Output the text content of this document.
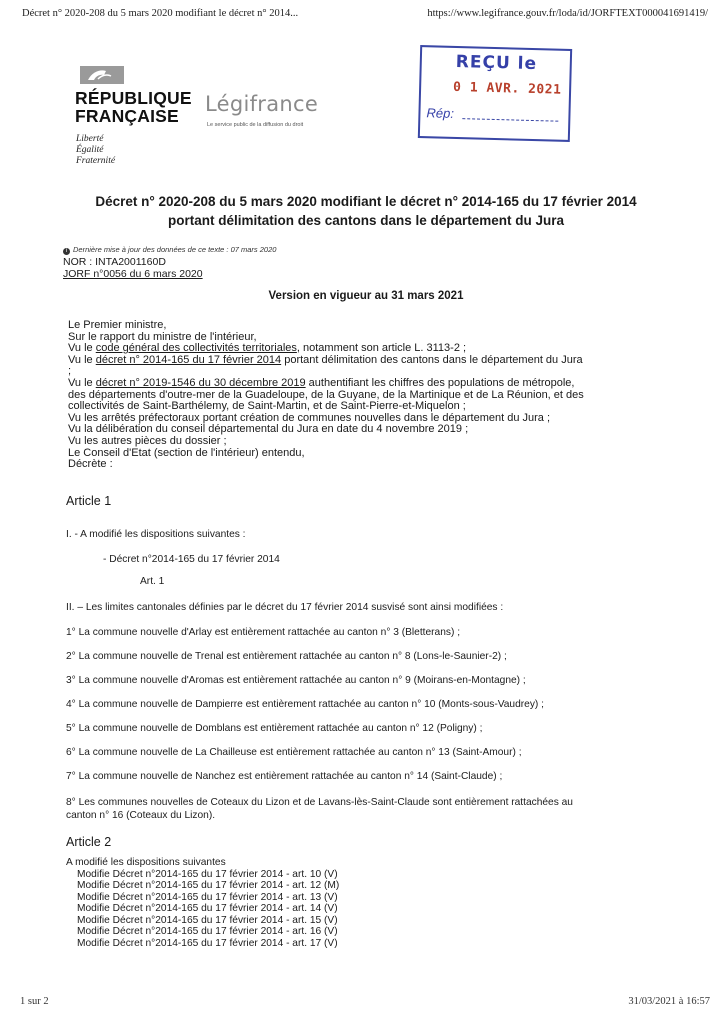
Décret n° 2020-208 du 5 mars 2020 modifiant le décret n° 2014...	https://www.legifrance.gouv.fr/loda/id/JORFTEXT000041691419/
RÉPUBLIQUE
FRANÇAISE
Liberté
Égalité
Fraternité
Légifrance
Le service public de la diffusion du droit
REÇU le
0 1 AVR. 2021
Rép:
Décret n° 2020-208 du 5 mars 2020 modifiant le décret n° 2014-165 du 17 février 2014
portant délimitation des cantons dans le département du Jura
i Dernière mise à jour des données de ce texte : 07 mars 2020
NOR : INTA2001160D
JORF n°0056 du 6 mars 2020
Version en vigueur au 31 mars 2021
Le Premier ministre,
Sur le rapport du ministre de l'intérieur,
Vu le code général des collectivités territoriales, notamment son article L. 3113-2 ;
Vu le décret n° 2014-165 du 17 février 2014 portant délimitation des cantons dans le département du Jura
;
Vu le décret n° 2019-1546 du 30 décembre 2019 authentifiant les chiffres des populations de métropole,
des départements d'outre-mer de la Guadeloupe, de la Guyane, de la Martinique et de La Réunion, et des
collectivités de Saint-Barthélemy, de Saint-Martin, et de Saint-Pierre-et-Miquelon ;
Vu les arrêtés préfectoraux portant création de communes nouvelles dans le département du Jura ;
Vu la délibération du conseil départemental du Jura en date du 4 novembre 2019 ;
Vu les autres pièces du dossier ;
Le Conseil d'Etat (section de l'intérieur) entendu,
Décrète :
Article 1
I. - A modifié les dispositions suivantes :
- Décret n°2014-165 du 17 février 2014
Art. 1
II. – Les limites cantonales définies par le décret du 17 février 2014 susvisé sont ainsi modifiées :
1° La commune nouvelle d'Arlay est entièrement rattachée au canton n° 3 (Bletterans) ;
2° La commune nouvelle de Trenal est entièrement rattachée au canton n° 8 (Lons-le-Saunier-2) ;
3° La commune nouvelle d'Aromas est entièrement rattachée au canton n° 9 (Moirans-en-Montagne) ;
4° La commune nouvelle de Dampierre est entièrement rattachée au canton n° 10 (Monts-sous-Vaudrey) ;
5° La commune nouvelle de Domblans est entièrement rattachée au canton n° 12 (Poligny) ;
6° La commune nouvelle de La Chailleuse est entièrement rattachée au canton n° 13 (Saint-Amour) ;
7° La commune nouvelle de Nanchez est entièrement rattachée au canton n° 14 (Saint-Claude) ;
8° Les communes nouvelles de Coteaux du Lizon et de Lavans-lès-Saint-Claude sont entièrement rattachées au
canton n° 16 (Coteaux du Lizon).
Article 2
A modifié les dispositions suivantes
Modifie Décret n°2014-165 du 17 février 2014 - art. 10 (V)
Modifie Décret n°2014-165 du 17 février 2014 - art. 12 (M)
Modifie Décret n°2014-165 du 17 février 2014 - art. 13 (V)
Modifie Décret n°2014-165 du 17 février 2014 - art. 14 (V)
Modifie Décret n°2014-165 du 17 février 2014 - art. 15 (V)
Modifie Décret n°2014-165 du 17 février 2014 - art. 16 (V)
Modifie Décret n°2014-165 du 17 février 2014 - art. 17 (V)
1 sur 2	31/03/2021 à 16:57
